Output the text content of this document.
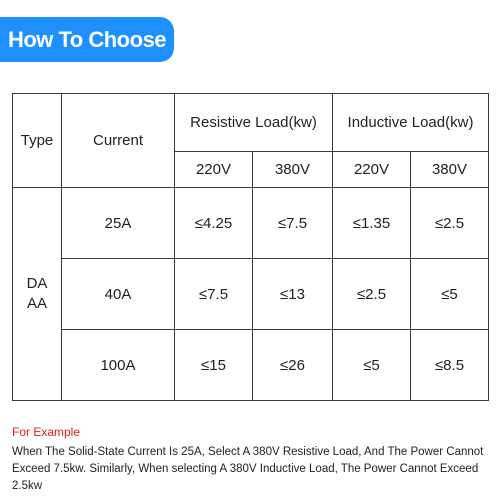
How To Choose
Type	Current	Resistive Load(kw)		Inductive Load(kw)	
		220V	380V	220V	380V

DA
AA	25A	≤4.25	≤7.5	≤1.35	≤2.5
	40A	≤7.5	≤13	≤2.5	≤5
	100A	≤15	≤26	≤5	≤8.5
For Example
When The Solid-State Current Is 25A, Select A 380V Resistive Load, And The Power Cannot Exceed 7.5kw. Similarly, When selecting A 380V Inductive Load, The Power Cannot Exceed 2.5kw
